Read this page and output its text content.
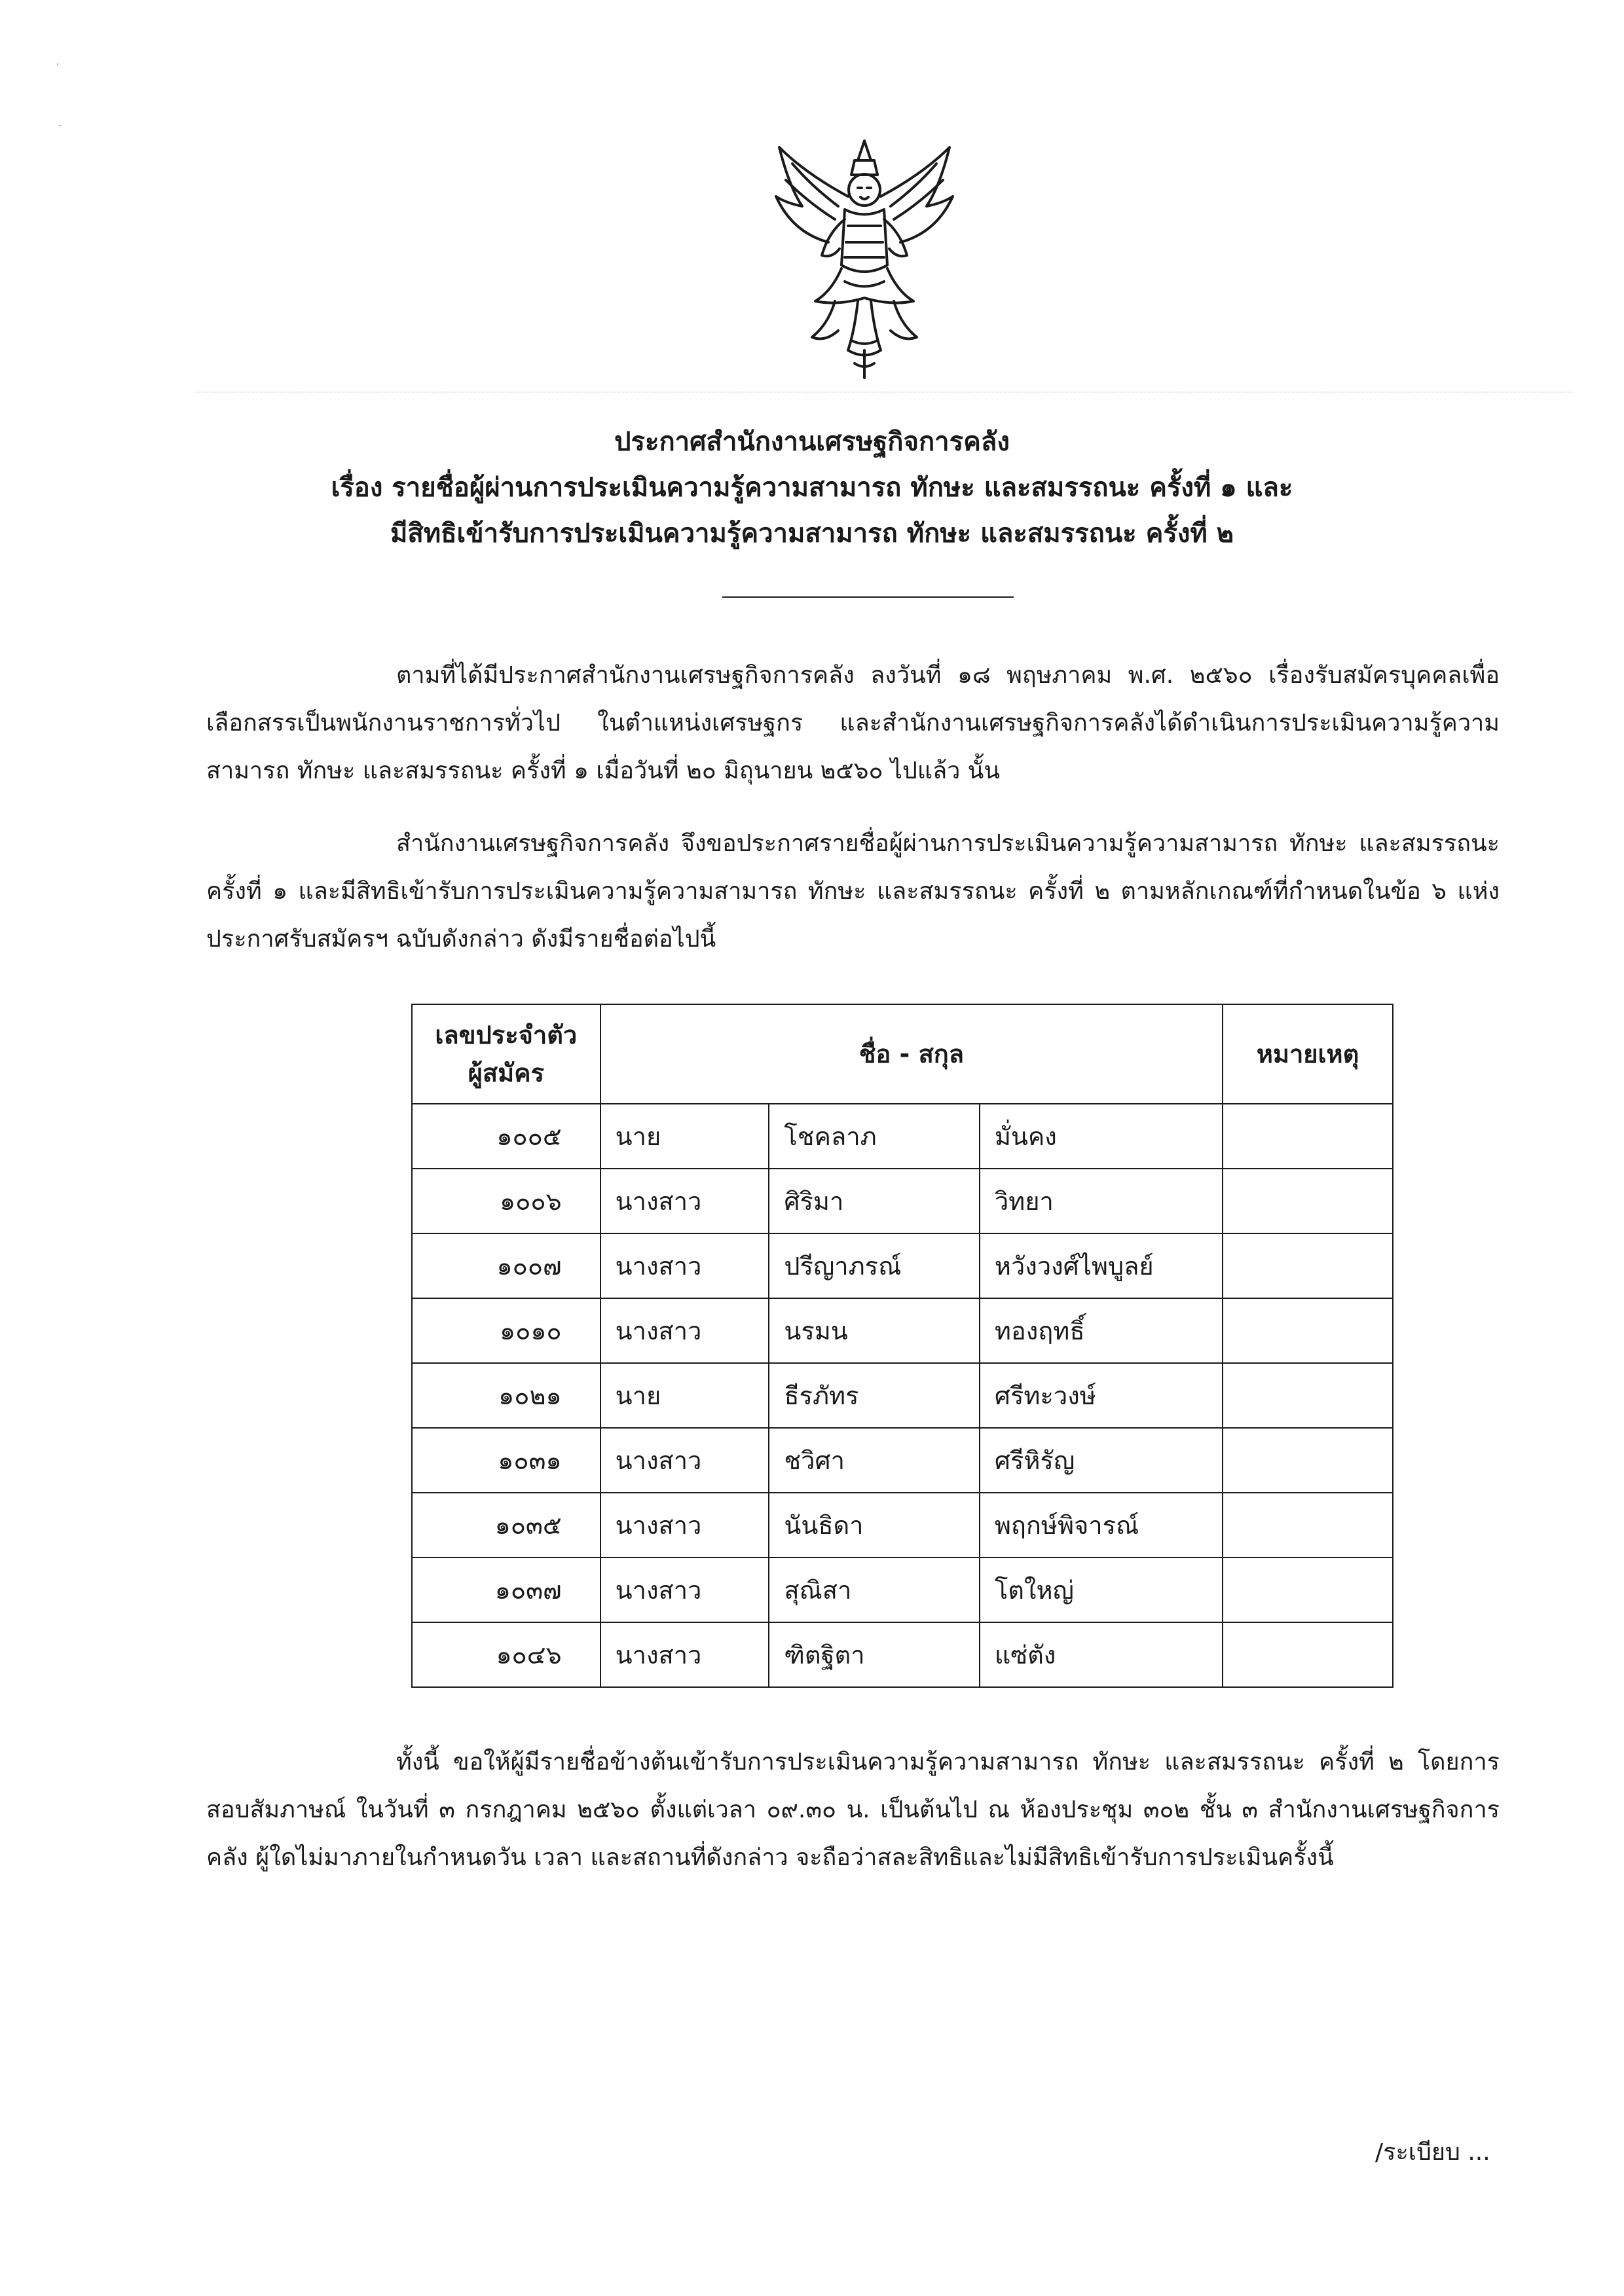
'
˘
ประกาศสำนักงานเศรษฐกิจการคลัง
เรื่อง รายชื่อผู้ผ่านการประเมินความรู้ความสามารถ ทักษะ และสมรรถนะ ครั้งที่ ๑ และ
มีสิทธิเข้ารับการประเมินความรู้ความสามารถ ทักษะ และสมรรถนะ ครั้งที่ ๒
ตามที่ได้มีประกาศสำนักงานเศรษฐกิจการคลัง ลงวันที่ ๑๘ พฤษภาคม พ.ศ. ๒๕๖๐ เรื่องรับสมัครบุคคลเพื่อเลือกสรรเป็นพนักงานราชการทั่วไป ในตำแหน่งเศรษฐกร และสำนักงานเศรษฐกิจการคลังได้ดำเนินการประเมินความรู้ความสามารถ ทักษะ และสมรรถนะ ครั้งที่ ๑ เมื่อวันที่ ๒๐ มิถุนายน ๒๕๖๐ ไปแล้ว นั้น
สำนักงานเศรษฐกิจการคลัง จึงขอประกาศรายชื่อผู้ผ่านการประเมินความรู้ความสามารถ ทักษะ และสมรรถนะ ครั้งที่ ๑ และมีสิทธิเข้ารับการประเมินความรู้ความสามารถ ทักษะ และสมรรถนะ ครั้งที่ ๒ ตามหลักเกณฑ์ที่กำหนดในข้อ ๖ แห่งประกาศรับสมัครฯ ฉบับดังกล่าว ดังมีรายชื่อต่อไปนี้
เลขประจำตัว
ผู้สมัคร	ชื่อ - สกุล			หมายเหตุ
๑๐๐๕	นาย	โชคลาภ	มั่นคง	
๑๐๐๖	นางสาว	ศิริมา	วิทยา	
๑๐๐๗	นางสาว	ปรีญาภรณ์	หวังวงศ์ไพบูลย์	
๑๐๑๐	นางสาว	นรมน	ทองฤทธิ์	
๑๐๒๑	นาย	ธีรภัทร	ศรีทะวงษ์	
๑๐๓๑	นางสาว	ชวิศา	ศรีหิรัญ	
๑๐๓๕	นางสาว	นันธิดา	พฤกษ์พิจารณ์	
๑๐๓๗	นางสาว	สุณิสา	โตใหญ่	
๑๐๔๖	นางสาว	ฑิตฐิตา	แซ่ตัง	
ทั้งนี้ ขอให้ผู้มีรายชื่อข้างต้นเข้ารับการประเมินความรู้ความสามารถ ทักษะ และสมรรถนะ ครั้งที่ ๒ โดยการสอบสัมภาษณ์ ในวันที่ ๓ กรกฎาคม ๒๕๖๐ ตั้งแต่เวลา ๐๙.๓๐ น. เป็นต้นไป ณ ห้องประชุม ๓๐๒ ชั้น ๓ สำนักงานเศรษฐกิจการคลัง ผู้ใดไม่มาภายในกำหนดวัน เวลา และสถานที่ดังกล่าว จะถือว่าสละสิทธิและไม่มีสิทธิเข้ารับการประเมินครั้งนี้
/ระเบียบ ...
